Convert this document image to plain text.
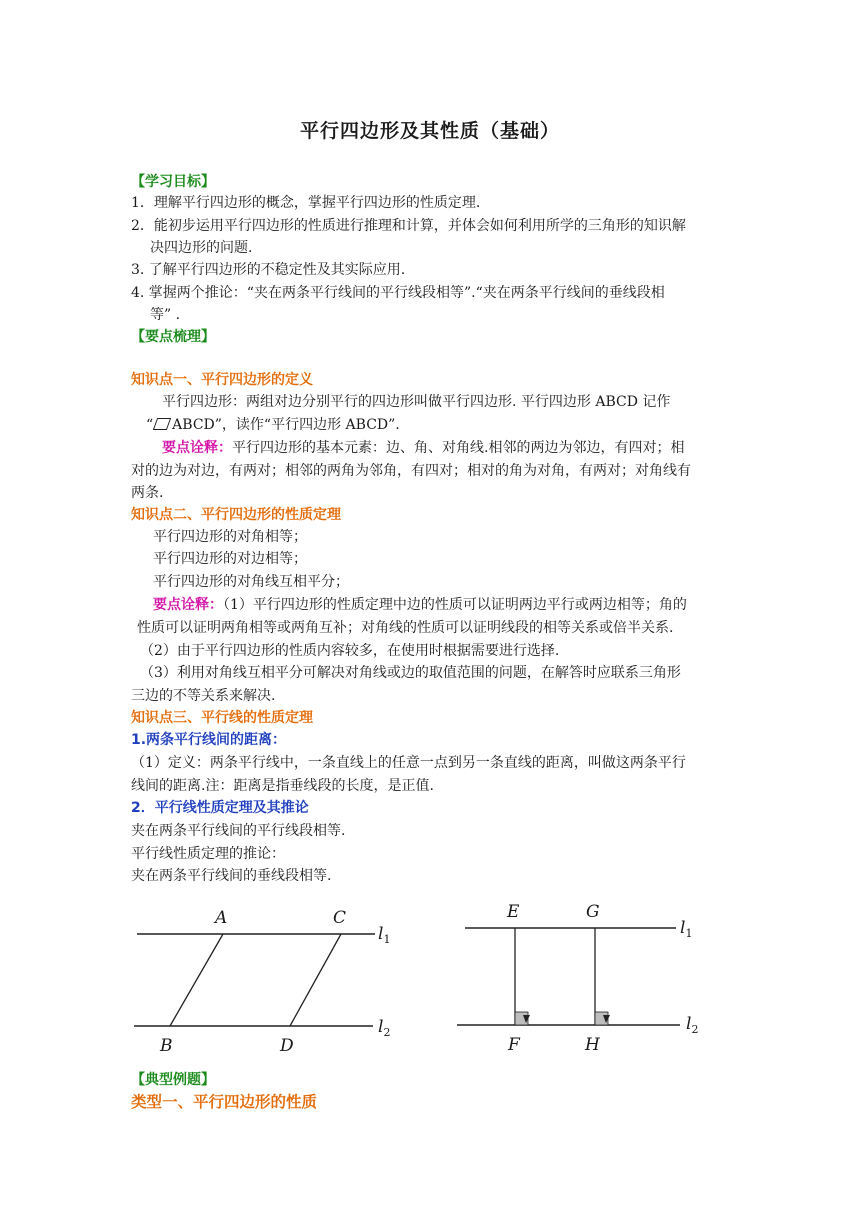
平行四边形及其性质（基础）
【学习目标】
1．理解平行四边形的概念，掌握平行四边形的性质定理.
2．能初步运用平行四边形的性质进行推理和计算，并体会如何利用所学的三角形的知识解
决四边形的问题.
3. 了解平行四边形的不稳定性及其实际应用.
4. 掌握两个推论：“夹在两条平行线间的平行线段相等”.“夹在两条平行线间的垂线段相
等” .
【要点梳理】
知识点一、平行四边形的定义
平行四边形：两组对边分别平行的四边形叫做平行四边形. 平行四边形 ABCD 记作
“ ABCD”，读作“平行四边形 ABCD”.
要点诠释：平行四边形的基本元素：边、角、对角线.相邻的两边为邻边，有四对；相
对的边为对边，有两对；相邻的两角为邻角，有四对；相对的角为对角，有两对；对角线有
两条.
知识点二、平行四边形的性质定理
平行四边形的对角相等；
平行四边形的对边相等；
平行四边形的对角线互相平分；
要点诠释：（1）平行四边形的性质定理中边的性质可以证明两边平行或两边相等；角的
性质可以证明两角相等或两角互补；对角线的性质可以证明线段的相等关系或倍半关系.
（2）由于平行四边形的性质内容较多，在使用时根据需要进行选择.
（3）利用对角线互相平分可解决对角线或边的取值范围的问题，在解答时应联系三角形
三边的不等关系来解决.
知识点三、平行线的性质定理
1.两条平行线间的距离：
（1）定义：两条平行线中，一条直线上的任意一点到另一条直线的距离，叫做这两条平行
线间的距离.注：距离是指垂线段的长度，是正值.
2．平行线性质定理及其推论
夹在两条平行线间的平行线段相等.
平行线性质定理的推论：
夹在两条平行线间的垂线段相等.
A	C
B	D
$l_1$
$l_2$
E	G
F	H
$l_1$
$l_2$
【典型例题】
类型一、平行四边形的性质
